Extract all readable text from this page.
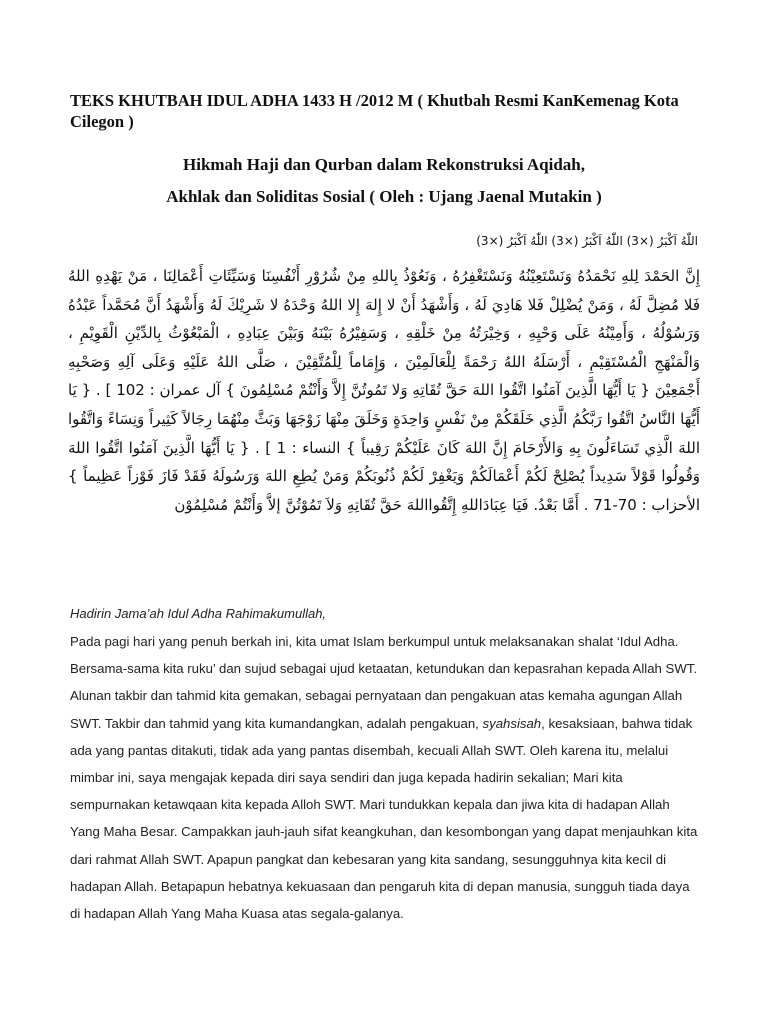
TEKS KHUTBAH IDUL ADHA 1433 H /2012 M ( Khutbah Resmi KanKemenag Kota Cilegon )

Hikmah Haji dan Qurban dalam Rekonstruksi Aqidah,

Akhlak dan Soliditas Sosial ( Oleh : Ujang Jaenal Mutakin )

اللّٰهُ اَكْبَرُ (×3) اللّٰهُ اَكْبَرُ (×3) اللّٰهُ اَكْبَرُ (×3)

إِنَّ الحَمْدَ لِلهِ نَحْمَدُهُ وَنَسْتَعِيْنُهُ وَنَسْتَغْفِرُهُ ، وَنَعُوْذُ بِاللهِ مِنْ شُرُوْرِ أَنْفُسِنَا وَسَيِّئَاتِ أَعْمَالِنَا ، مَنْ يَهْدِهِ اللهُ فَلا مُضِلَّ لَهُ ، وَمَنْ يُضْلِلْ فَلا هَادِيَ لَهُ ، وَأَشْهَدُ أَنْ لا إِلهَ إِلا اللهُ وَحْدَهُ لا شَرِيْكَ لَهُ وَأَشْهَدُ أَنَّ مُحَمَّداً عَبْدُهُ وَرَسُوْلُهُ ، وَأَمِيْنُهُ عَلَى وَحْيِهِ ، وَخِيْرَتُهُ مِنْ خَلْقِهِ ، وَسَفِيْرُهُ بَيْنَهُ وَبَيْنَ عِبَادِهِ ، الْمَبْعُوْثُ بِالدِّيْنِ الْقَوِيْمِ ، وَالْمَنْهَجِ الْمُسْتَقِيْمِ ، أَرْسَلَهُ اللهُ رَحْمَةً لِلْعَالَمِيْنَ ، وَإِمَاماً لِلْمُتَّقِيْنَ ، صَلَّى اللهُ عَلَيْهِ وَعَلَى آلِهِ وَصَحْبِهِ أَجْمَعِيْنَ { يَا أَيُّهَا الَّذِينَ آمَنُوا اتَّقُوا اللهَ حَقَّ تُقَاتِهِ وَلا تَمُوتُنَّ إِلاَّ وَأَنْتُمْ مُسْلِمُونَ } آل عمران : 102 ] . { يَا أَيُّهَا النَّاسُ اتَّقُوا رَبَّكُمُ الَّذِي خَلَقَكُمْ مِنْ نَفْسٍ وَاحِدَةٍ وَخَلَقَ مِنْهَا زَوْجَهَا وَبَثَّ مِنْهُمَا رِجَالاً كَثِيراً وَنِسَاءً وَاتَّقُوا اللهَ الَّذِي تَسَاءَلُونَ بِهِ وَالأَرْحَامَ إِنَّ اللهَ كَانَ عَلَيْكُمْ رَقِيباً } النساء : 1 ] . { يَا أَيُّهَا الَّذِينَ آمَنُوا اتَّقُوا اللهَ وَقُولُوا قَوْلاً سَدِيداً يُصْلِحْ لَكُمْ أَعْمَالَكُمْ وَيَغْفِرْ لَكُمْ ذُنُوبَكُمْ وَمَنْ يُطِعِ اللهَ وَرَسُولَهُ فَقَدْ فَازَ فَوْزاً عَظِيماً } الأحزاب : 70-71 . أَمَّا بَعْدُ. فَيَا عِبَادَاللهِ إِتَّقُوااللهَ حَقَّ تُقَاتِهِ وَلاَ تَمُوْتُنَّ إلاَّ وَأَنْتُمْ مُسْلِمُوْن

Hadirin Jama’ah Idul Adha Rahimakumullah,

Pada pagi hari yang penuh berkah ini, kita umat Islam berkumpul untuk melaksanakan shalat ‘Idul Adha. Bersama-sama kita ruku’ dan sujud sebagai ujud ketaatan, ketundukan dan kepasrahan kepada Allah SWT. Alunan takbir dan tahmid kita gemakan, sebagai pernyataan dan pengakuan atas kemaha agungan Allah SWT. Takbir dan tahmid yang kita kumandangkan, adalah pengakuan, syahsisah, kesaksiaan, bahwa tidak ada yang pantas ditakuti, tidak ada yang pantas disembah, kecuali Allah SWT. Oleh karena itu, melalui mimbar ini, saya mengajak kepada diri saya sendiri dan juga kepada hadirin sekalian; Mari kita sempurnakan ketawqaan kita kepada Alloh SWT. Mari tundukkan kepala dan jiwa kita di hadapan Allah Yang Maha Besar. Campakkan jauh-jauh sifat keangkuhan, dan kesombongan yang dapat menjauhkan kita dari rahmat Allah SWT. Apapun pangkat dan kebesaran yang kita sandang, sesungguhnya kita kecil di hadapan Allah. Betapapun hebatnya kekuasaan dan pengaruh kita di depan manusia, sungguh tiada daya di hadapan Allah Yang Maha Kuasa atas segala-galanya.
